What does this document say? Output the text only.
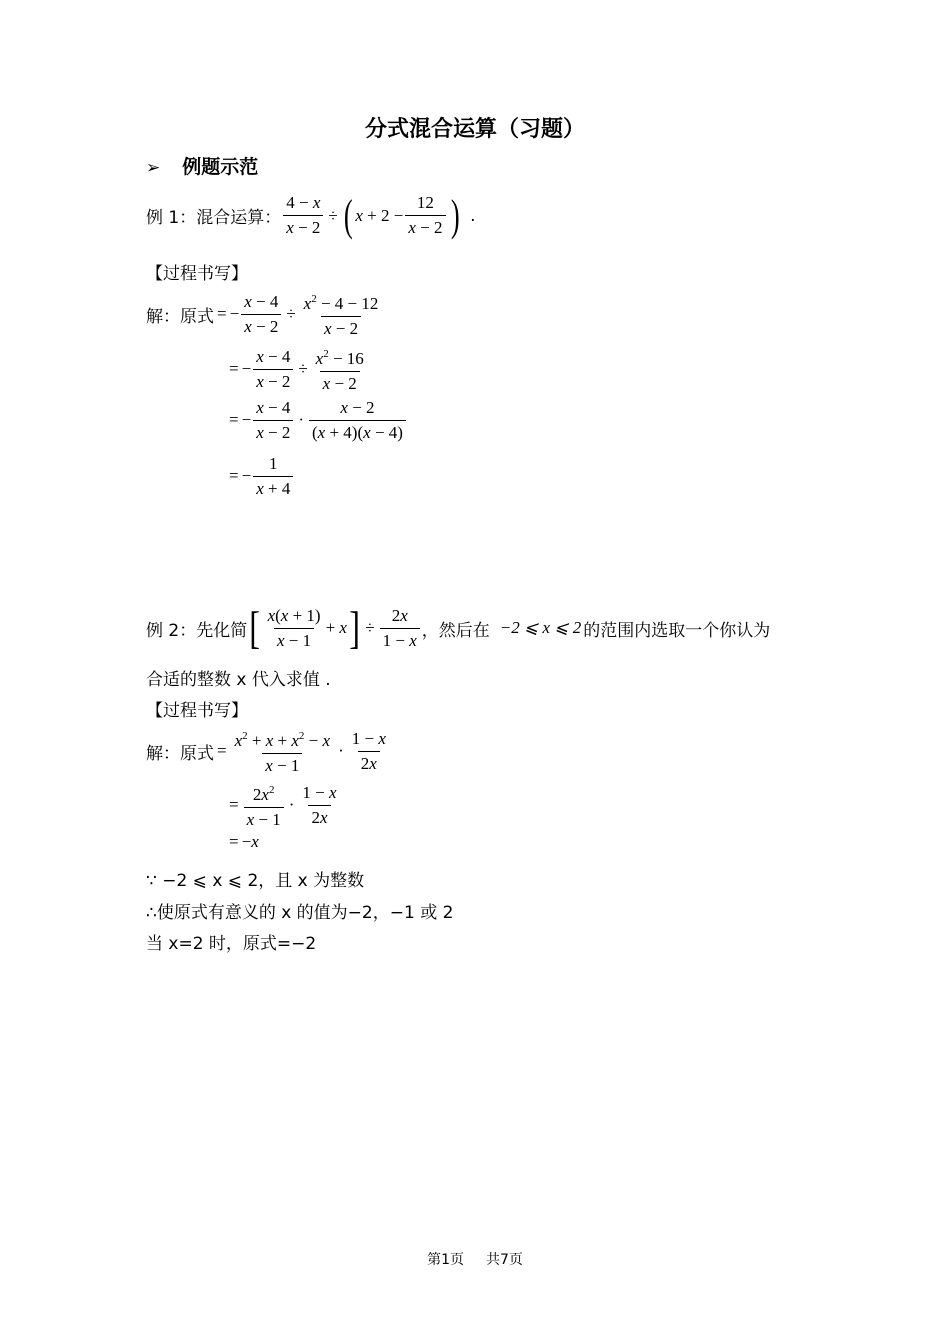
分式混合运算（习题）
➢ 例题示范
例 1：混合运算： $\frac{4 - x}{x - 2}$ ÷ ( $x + 2 - \frac{12}{x - 2}$ ) .
【过程书写】
解：原式 = − $\frac{x - 4}{x - 2} \div \frac{x^2 - 4 - 12}{x - 2}$
= − $\frac{x - 4}{x - 2} \div \frac{x^2 - 16}{x - 2}$
= − $\frac{x - 4}{x - 2} \cdot \frac{x - 2}{(x + 4)(x - 4)}$
= − $\frac{1}{x + 4}$
例 2：先化简 [ $\frac{x(x + 1)}{x - 1} + x$ ] ÷ $\frac{2x}{1 - x}$ ，然后在 −2 ⩽ x ⩽ 2 的范围内选取一个你认为
合适的整数 x 代入求值 .
【过程书写】
解：原式 = $\frac{x^2 + x + x^2 - x}{x - 1} \cdot \frac{1 - x}{2x}$
= $\frac{2x^2}{x - 1} \cdot \frac{1 - x}{2x}$
= − x
∵ −2 ⩽ x ⩽ 2，且 x 为整数
∴使原式有意义的 x 的值为−2，−1 或 2
当 x=2 时，原式=−2
第1页 共7页
